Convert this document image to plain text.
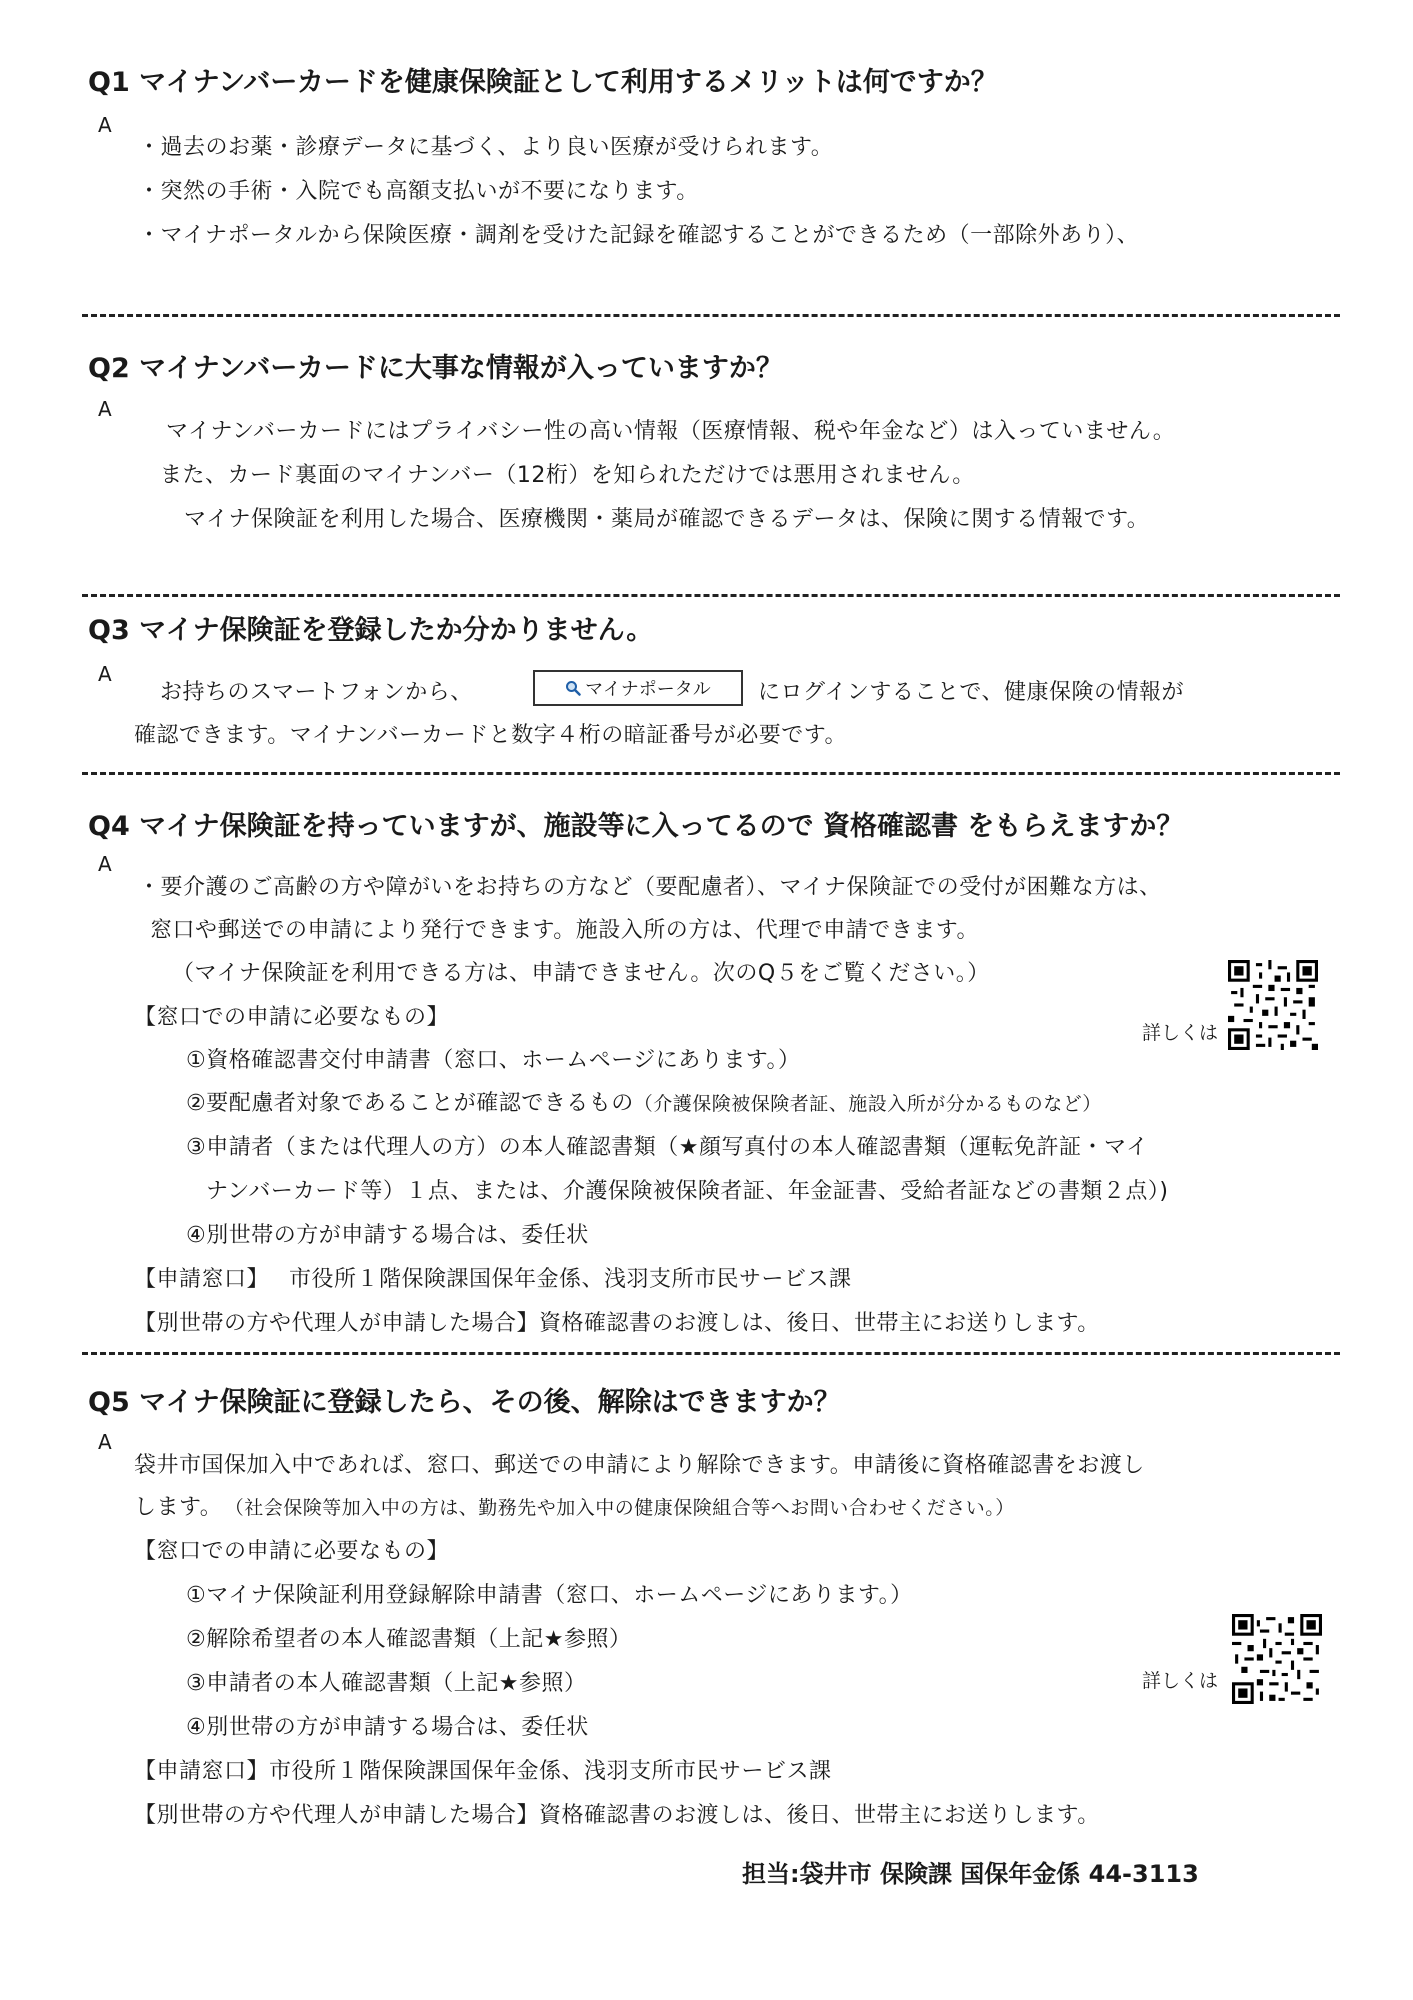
Q1 マイナンバーカードを健康保険証として利用するメリットは何ですか？
A
・過去のお薬・診療データに基づく、より良い医療が受けられます。
・突然の手術・入院でも高額支払いが不要になります。
・マイナポータルから保険医療・調剤を受けた記録を確認することができるため（一部除外あり）、
Q2 マイナンバーカードに大事な情報が入っていますか？
A
マイナンバーカードにはプライバシー性の高い情報（医療情報、税や年金など）は入っていません。
また、カード裏面のマイナンバー（12桁）を知られただけでは悪用されません。
マイナ保険証を利用した場合、医療機関・薬局が確認できるデータは、保険に関する情報です。
Q3 マイナ保険証を登録したか分かりません。
A
お持ちのスマートフォンから、	マイナポータル にログインすることで、健康保険の情報が
確認できます。マイナンバーカードと数字４桁の暗証番号が必要です。
Q4 マイナ保険証を持っていますが、施設等に入ってるので 資格確認書 をもらえますか？
A
・要介護のご高齢の方や障がいをお持ちの方など（要配慮者）、マイナ保険証での受付が困難な方は、
窓口や郵送での申請により発行できます。施設入所の方は、代理で申請できます。
（マイナ保険証を利用できる方は、申請できません。次のQ５をご覧ください。）
【窓口での申請に必要なもの】
①資格確認書交付申請書（窓口、ホームページにあります。）
②要配慮者対象であることが確認できるもの（介護保険被保険者証、施設入所が分かるものなど）
③申請者（または代理人の方）の本人確認書類（★顔写真付の本人確認書類（運転免許証・マイ
ナンバーカード等）１点、または、介護保険被保険者証、年金証書、受給者証などの書類２点）)
④別世帯の方が申請する場合は、委任状
【申請窓口】 市役所１階保険課国保年金係、浅羽支所市民サービス課
【別世帯の方や代理人が申請した場合】資格確認書のお渡しは、後日、世帯主にお送りします。
詳しくは
Q5 マイナ保険証に登録したら、その後、解除はできますか？
A
袋井市国保加入中であれば、窓口、郵送での申請により解除できます。申請後に資格確認書をお渡し
します。 （社会保険等加入中の方は、勤務先や加入中の健康保険組合等へお問い合わせください。）
【窓口での申請に必要なもの】
①マイナ保険証利用登録解除申請書（窓口、ホームページにあります。）
②解除希望者の本人確認書類（上記★参照）
③申請者の本人確認書類（上記★参照）
④別世帯の方が申請する場合は、委任状
【申請窓口】市役所１階保険課国保年金係、浅羽支所市民サービス課
【別世帯の方や代理人が申請した場合】資格確認書のお渡しは、後日、世帯主にお送りします。
詳しくは
担当:袋井市 保険課 国保年金係 44-3113
